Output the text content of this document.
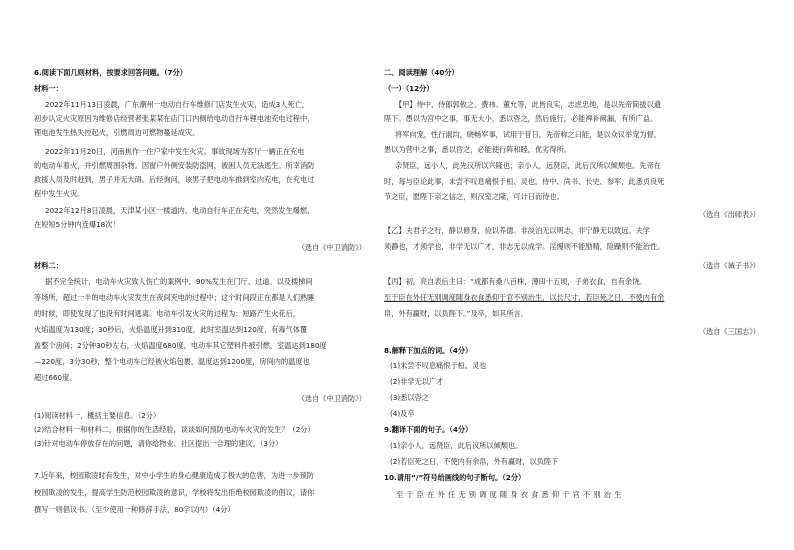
6.阅读下面几则材料，按要求回答问题。（7分）
材料一：
2022年11月13日凌晨，广东潮州一电动自行车维修门店发生火灾，造成3人死亡，
初步认定火灾原因为维修店经营者张某某在店门口内侧给电动自行车锂电池充电过程中，
锂电池发生热失控起火，引燃周边可燃物蔓延成灾。
2022年11月20日，河南焦作一住户家中发生火灾。事故现场为客厅一辆正在充电
的电动车着火，并引燃周围杂物。因窗户外侧安装防盗网，被困人员无法逃生。所幸消防
救援人员及时赶到，男子并无大碍。后经询问，该男子把电动车推到室内充电，在充电过
程中发生火灾。
2022年12月8日凌晨，天津某小区一楼道内，电动自行车正在充电，突然发生爆燃，
在短短5分钟内连爆18次！
（选自《中卫消防》）
材料二：
据不完全统计，电动车火灾致人伤亡的案例中，90%发生在门厅、过道、以及楼梯间
等场所，超过一半的电动车火灾发生在夜间充电的过程中；这个时间段正在都是人们熟睡
的时候，即使发现了也没有时间逃离。电动车引发火灾的过程为：短路产生火花后，
火焰温度为130度；30秒后，火焰温度升到310度，此时室温达到120度，有毒气体覆
盖整个房间；2分钟30秒左右，火焰温度680度，电动车其它塑料件被引燃，室温达到180度
—220度，3分30秒，整个电动车已经被火焰包裹，温度达到1200度，房间内的温度也
超过660度。
（选自《中卫消防》）
(1)阅读材料一，概括主要信息。（2分）
(2)结合材料一和材料二，根据你的生活经验，谈谈如何预防电动车火灾的发生？（2分）
(3)针对电动车停放存在的问题，请你给物业、社区提出一合理的建议。（3分）
7.近年来，校园欺凌时有发生，对中小学生的身心健康造成了极大的危害，为进一步预防
校园欺凌的发生，提高学生防范校园欺凌的意识，学校将发出拒绝校园欺凌的倡议，请你
撰写一则倡议书。（至少使用一种修辞手法，80字以内）（4分）
二、阅读理解（40分）
（一）（12分）
【甲】侍中、侍郎郭攸之、费祎、董允等，此皆良实，志虑忠纯，是以先帝简拔以遗
陛下。愚以为宫中之事，事无大小，悉以咨之，然后施行，必能裨补阙漏，有所广益。
将军向宠，性行淑均，晓畅军事，试用于昔日，先帝称之曰能，是以众议举宠为督。
愚以为营中之事，悉以咨之，必能使行阵和睦，优劣得所。
亲贤臣，远小人，此先汉所以兴隆也；亲小人，远贤臣，此后汉所以倾颓也。先帝在
时，每与臣论此事，未尝不叹息痛恨于桓、灵也。侍中、尚书、长史、参军，此悉贞良死
节之臣，愿陛下亲之信之，则汉室之隆，可计日而待也。
（选自《出师表》）
【乙】夫君子之行，静以修身，俭以养德。非淡泊无以明志，非宁静无以致远。夫学
须静也，才须学也，非学无以广才，非志无以成学。淫慢则不能励精，险躁则不能治性。
（选自《诫子书》）
【丙】初，亮自表后主曰：“成都有桑八百株，薄田十五顷，子弟衣食，自有余饶。
至于臣在外任无别调度随身衣食悉仰于官不别治生，以长尺寸，若臣死之日，不使内有余
帛，外有赢财，以负陛下。”及卒，如其所言。
（选自《三国志》）
8.解释下加点的词。（4分）
(1)未尝不叹息痛恨于桓、灵也
(2)非学无以广才
(3)悉以咨之
(4)及卒
9.翻译下面的句子。（4分）
(1)亲小人，远贤臣，此后汉所以倾颓也。
(2)若臣死之日，不使内有余帛，外有赢财，以负陛下
10.请用“/”符号给画线的句子断句。（2分）
至于臣在外任无别调度随身衣食悉仰于官不别治生
